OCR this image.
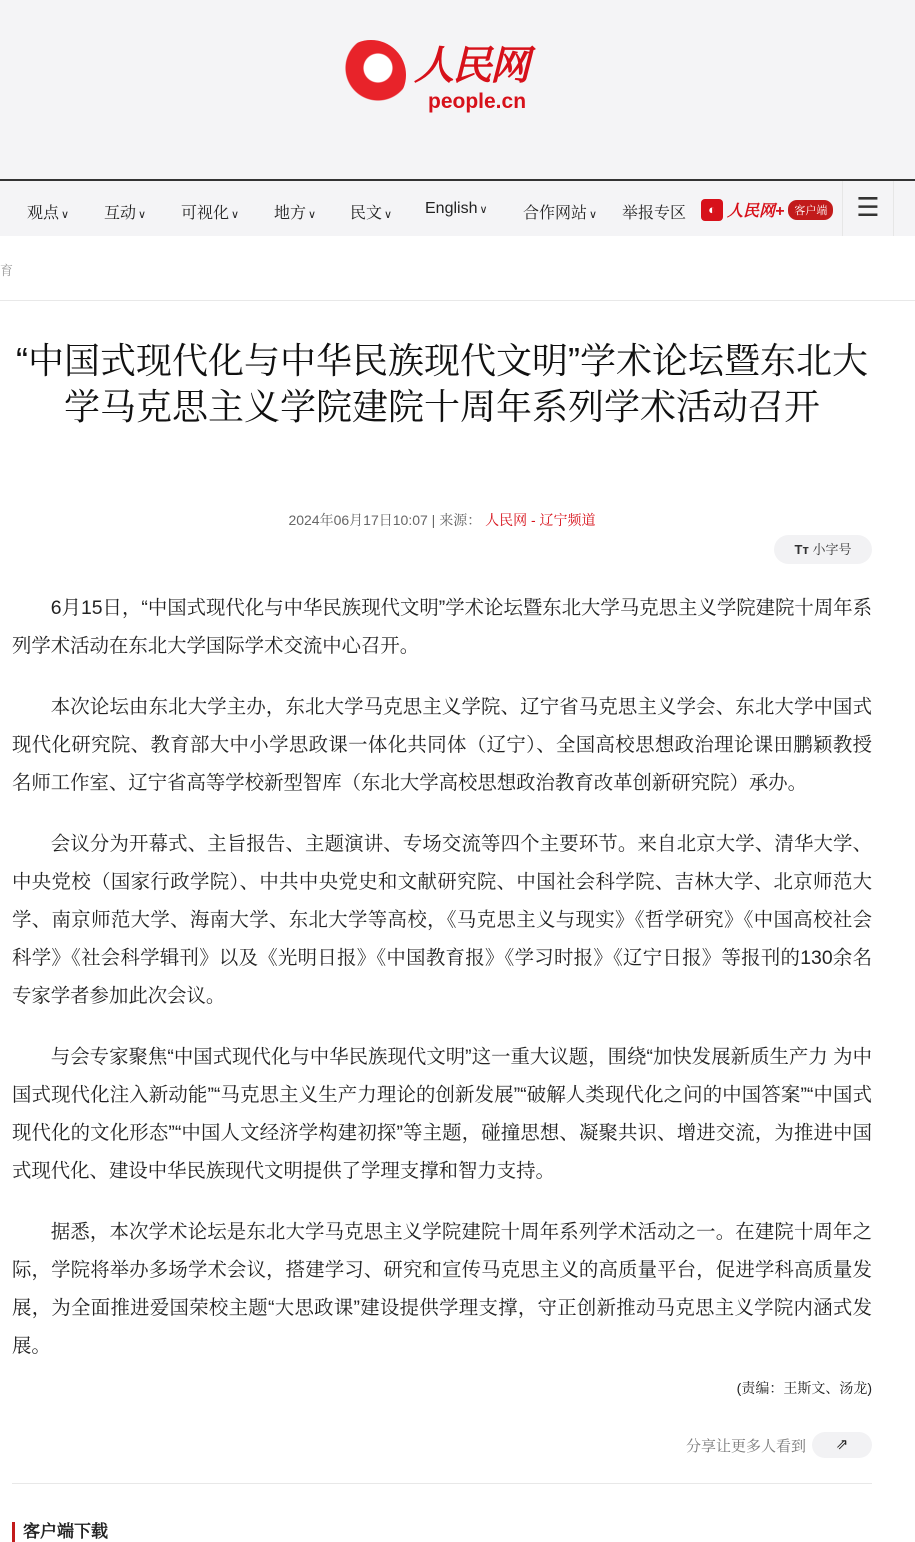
人民网
people.cn
观点 ∨ 互动 ∨ 可视化 ∨ 地方 ∨ 民文 ∨ English ∨ 合作网站 ∨ 举报专区	◐ 人民网+ 客户端	☰
育
“中国式现代化与中华民族现代文明”学术论坛暨东北大学马克思主义学院建院十周年系列学术活动召开
2024年06月17日10:07 | 来源： 人民网 - 辽宁频道
Tт 小字号

6月15日，“中国式现代化与中华民族现代文明”学术论坛暨东北大学马克思主义学院建院十周年系列学术活动在东北大学国际学术交流中心召开。

本次论坛由东北大学主办，东北大学马克思主义学院、辽宁省马克思主义学会、东北大学中国式现代化研究院、教育部大中小学思政课一体化共同体（辽宁）、全国高校思想政治理论课田鹏颖教授名师工作室、辽宁省高等学校新型智库（东北大学高校思想政治教育改革创新研究院）承办。

会议分为开幕式、主旨报告、主题演讲、专场交流等四个主要环节。来自北京大学、清华大学、中央党校（国家行政学院）、中共中央党史和文献研究院、中国社会科学院、吉林大学、北京师范大学、南京师范大学、海南大学、东北大学等高校，《马克思主义与现实》《哲学研究》《中国高校社会科学》《社会科学辑刊》以及《光明日报》《中国教育报》《学习时报》《辽宁日报》等报刊的130余名专家学者参加此次会议。

与会专家聚焦“中国式现代化与中华民族现代文明”这一重大议题，围绕“加快发展新质生产力 为中国式现代化注入新动能”“马克思主义生产力理论的创新发展”“破解人类现代化之问的中国答案”“中国式现代化的文化形态”“中国人文经济学构建初探”等主题，碰撞思想、凝聚共识、增进交流，为推进中国式现代化、建设中华民族现代文明提供了学理支撑和智力支持。

据悉，本次学术论坛是东北大学马克思主义学院建院十周年系列学术活动之一。在建院十周年之际，学院将举办多场学术会议，搭建学习、研究和宣传马克思主义的高质量平台，促进学科高质量发展，为全面推进爱国荣校主题“大思政课”建设提供学理支撑，守正创新推动马克思主义学院内涵式发展。

(责编：王斯文、汤龙)
分享让更多人看到	⇗
客户端下载
